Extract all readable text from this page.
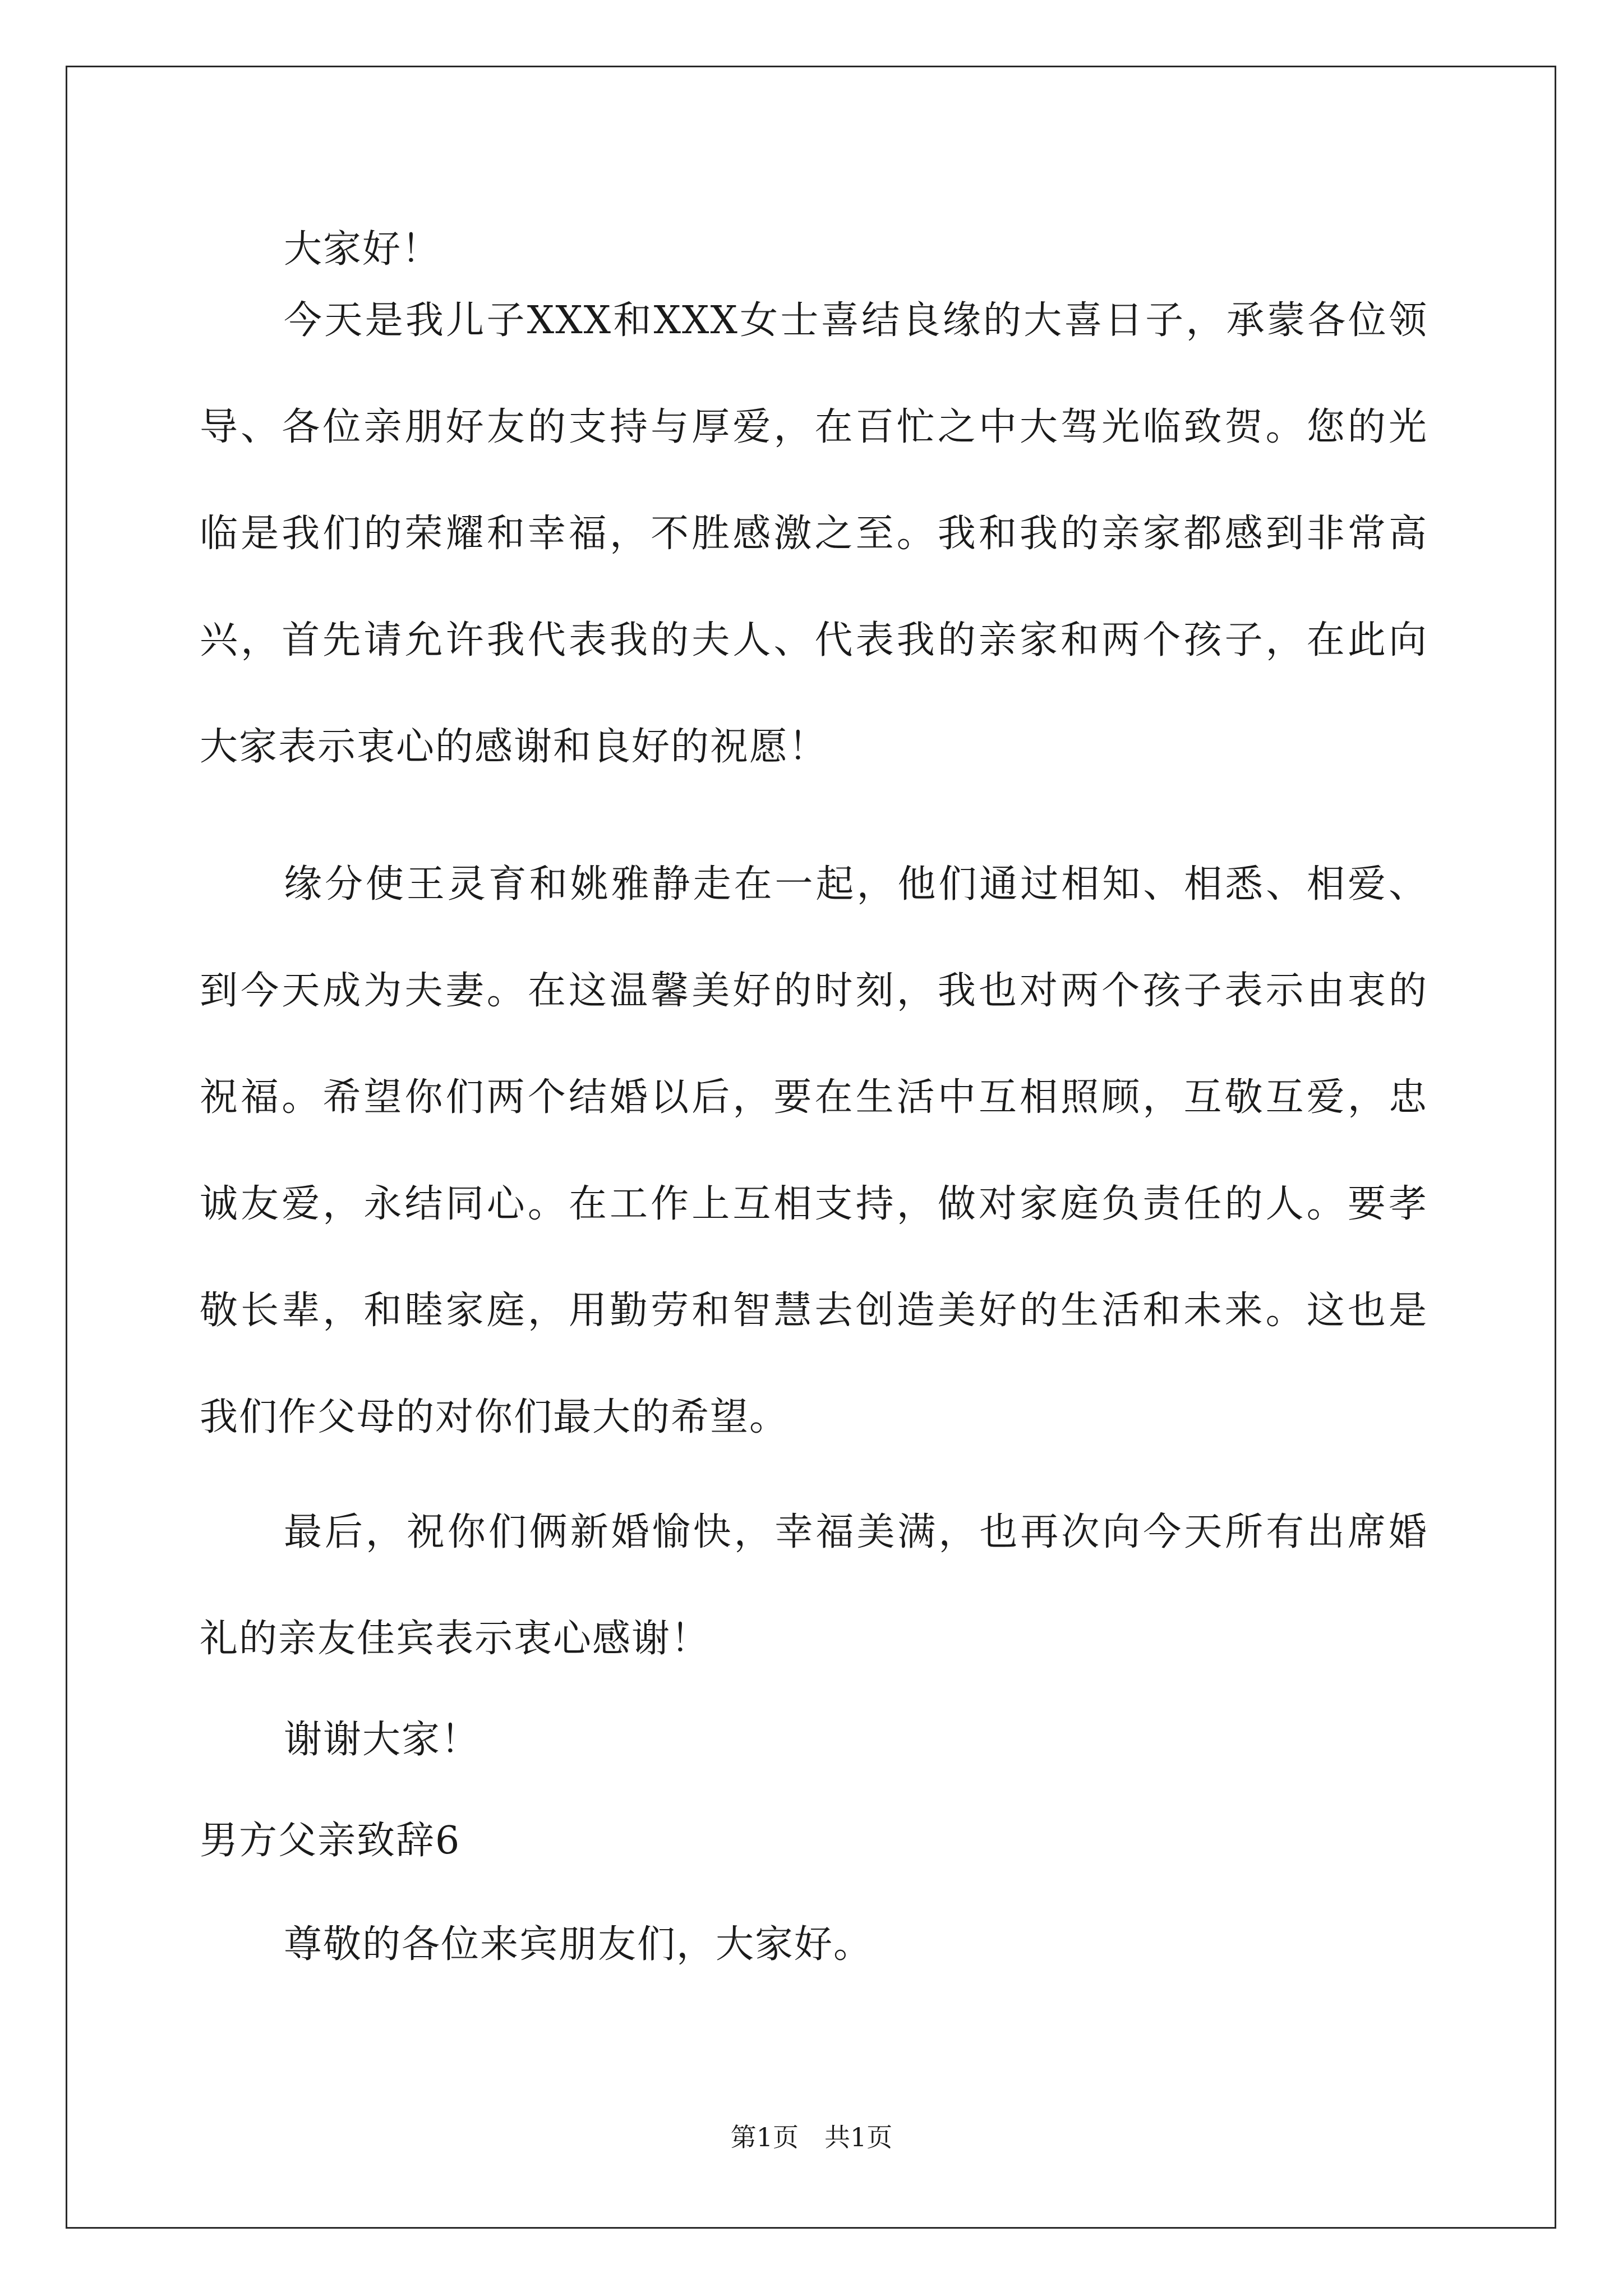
大家好！
今天是我儿子XXX和XXX女士喜结良缘的大喜日子，承蒙各位领
导、各位亲朋好友的支持与厚爱，在百忙之中大驾光临致贺。您的光
临是我们的荣耀和幸福，不胜感激之至。我和我的亲家都感到非常高
兴，首先请允许我代表我的夫人、代表我的亲家和两个孩子，在此向
大家表示衷心的感谢和良好的祝愿！
缘分使王灵育和姚雅静走在一起，他们通过相知、相悉、相爱、
到今天成为夫妻。在这温馨美好的时刻，我也对两个孩子表示由衷的
祝福。希望你们两个结婚以后，要在生活中互相照顾，互敬互爱，忠
诚友爱，永结同心。在工作上互相支持，做对家庭负责任的人。要孝
敬长辈，和睦家庭，用勤劳和智慧去创造美好的生活和未来。这也是
我们作父母的对你们最大的希望。
最后，祝你们俩新婚愉快，幸福美满，也再次向今天所有出席婚
礼的亲友佳宾表示衷心感谢！
谢谢大家！
男方父亲致辞6
尊敬的各位来宾朋友们，大家好。
第1页　共1页
